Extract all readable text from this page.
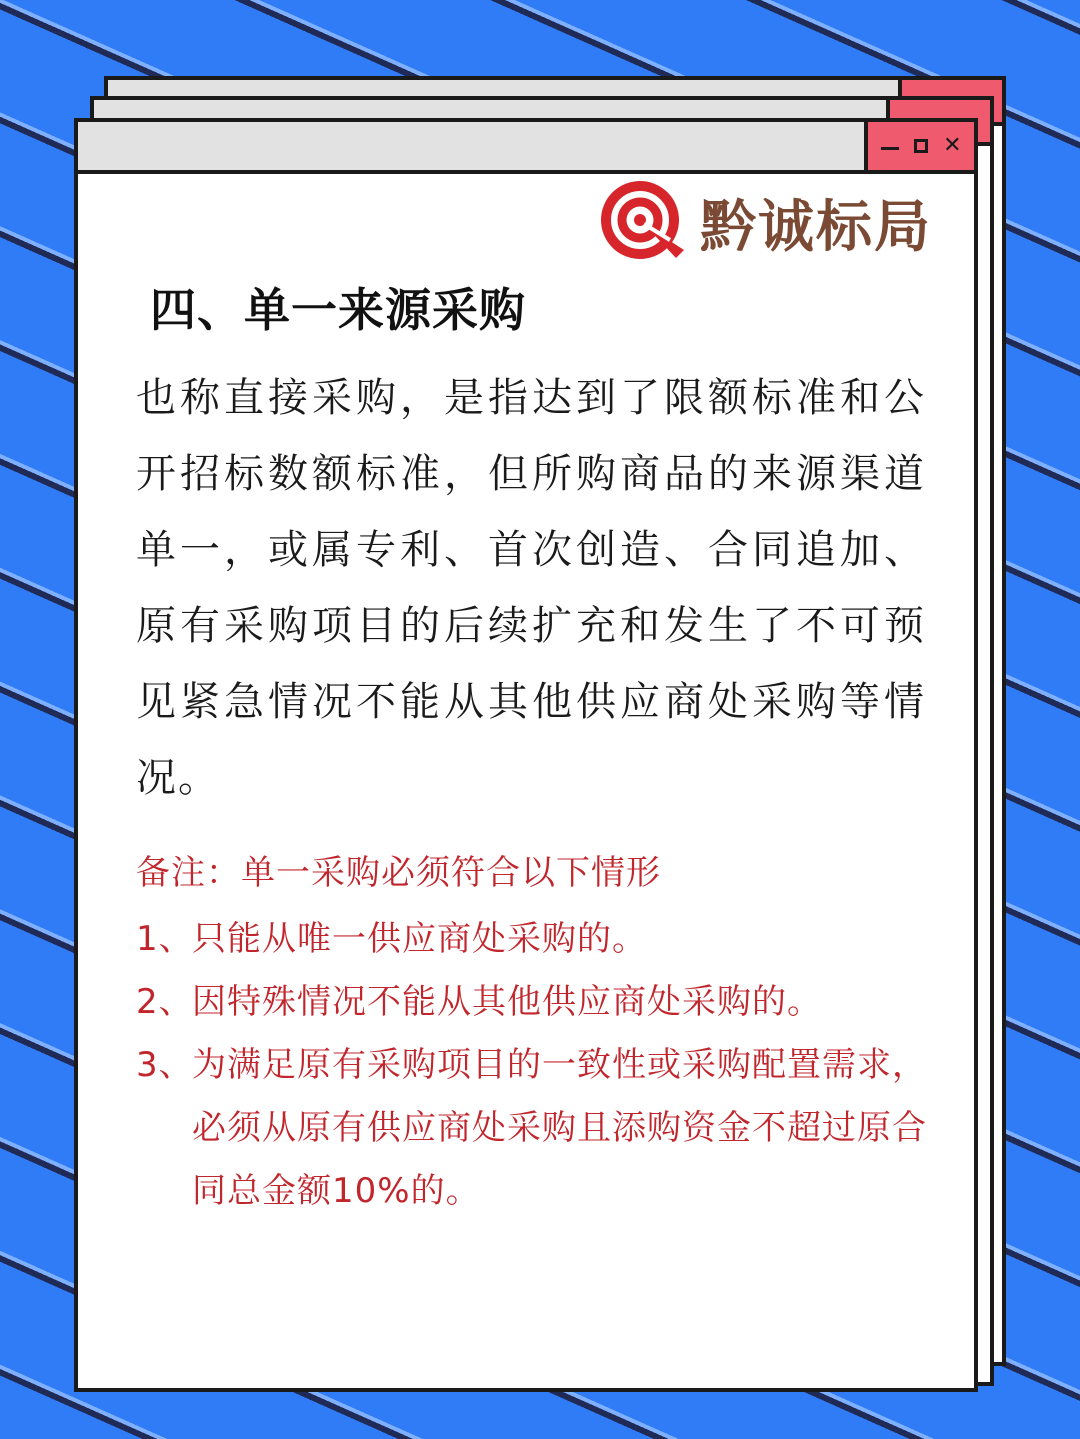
✕
黔诚标局
四、单一来源采购
也称直接采购，是指达到了限额标准和公开招标数额标准，但所购商品的来源渠道单一，或属专利、首次创造、合同追加、原有采购项目的后续扩充和发生了不可预见紧急情况不能从其他供应商处采购等情况。
备注：单一采购必须符合以下情形
1、
只能从唯一供应商处采购的。
2、
因特殊情况不能从其他供应商处采购的。
3、
为满足原有采购项目的一致性或采购配置需求，必须从原有供应商处采购且添购资金不超过原合同总金额10%的。
